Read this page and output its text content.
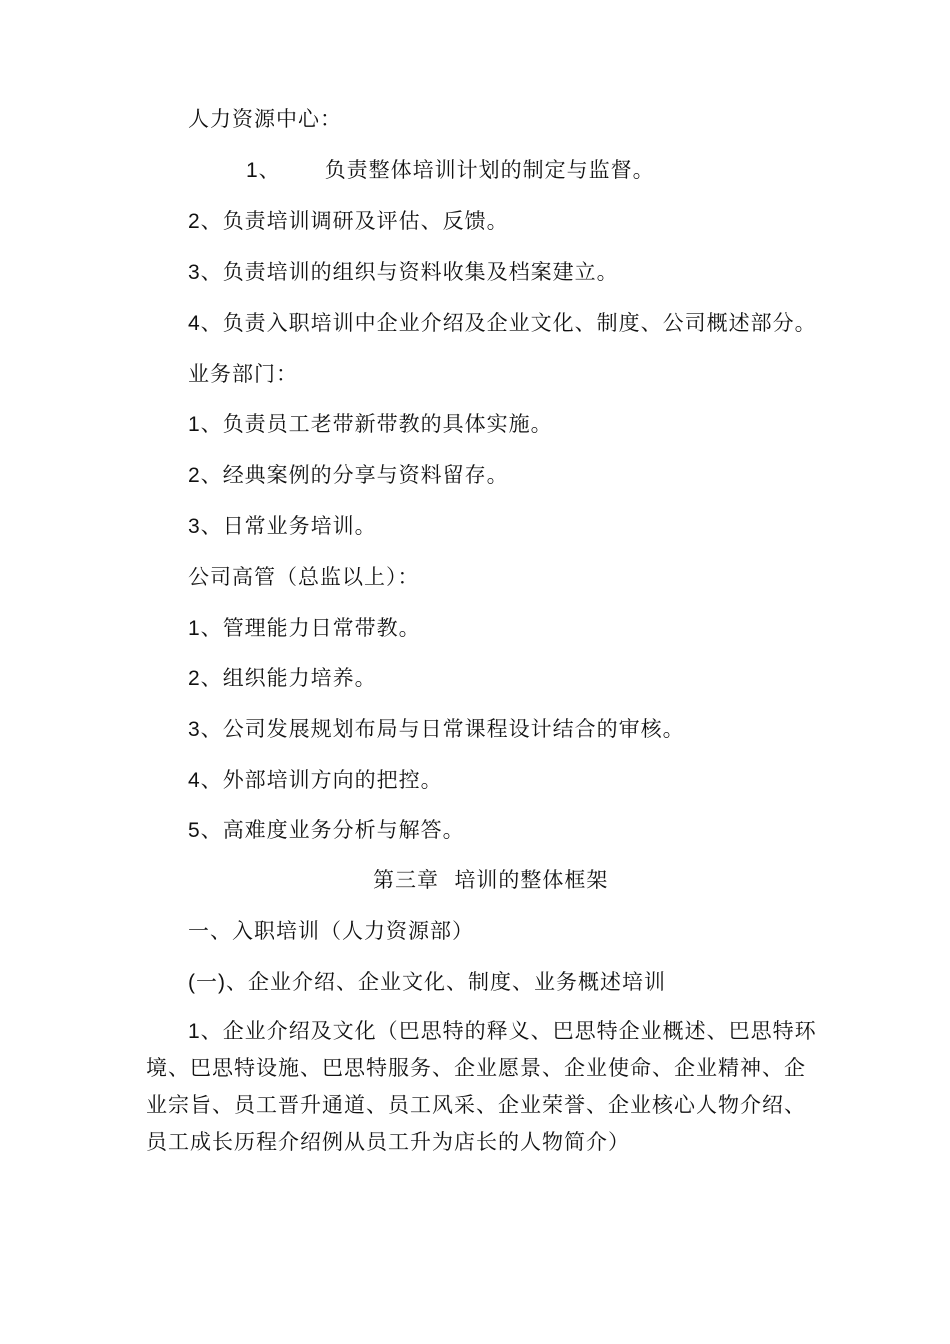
人力资源中心：
1、 负责整体培训计划的制定与监督。
2、负责培训调研及评估、反馈。
3、负责培训的组织与资料收集及档案建立。
4、负责入职培训中企业介绍及企业文化、制度、公司概述部分。
业务部门：
1、负责员工老带新带教的具体实施。
2、经典案例的分享与资料留存。
3、日常业务培训。
公司高管（总监以上）：
1、管理能力日常带教。
2、组织能力培养。
3、公司发展规划布局与日常课程设计结合的审核。
4、外部培训方向的把控。
5、高难度业务分析与解答。
第三章  培训的整体框架
一、入职培训（人力资源部）
(一)、企业介绍、企业文化、制度、业务概述培训
1、企业介绍及文化（巴思特的释义、巴思特企业概述、巴思特环境、巴思特设施、巴思特服务、企业愿景、企业使命、企业精神、企业宗旨、员工晋升通道、员工风采、企业荣誉、企业核心人物介绍、员工成长历程介绍例从员工升为店长的人物简介）
